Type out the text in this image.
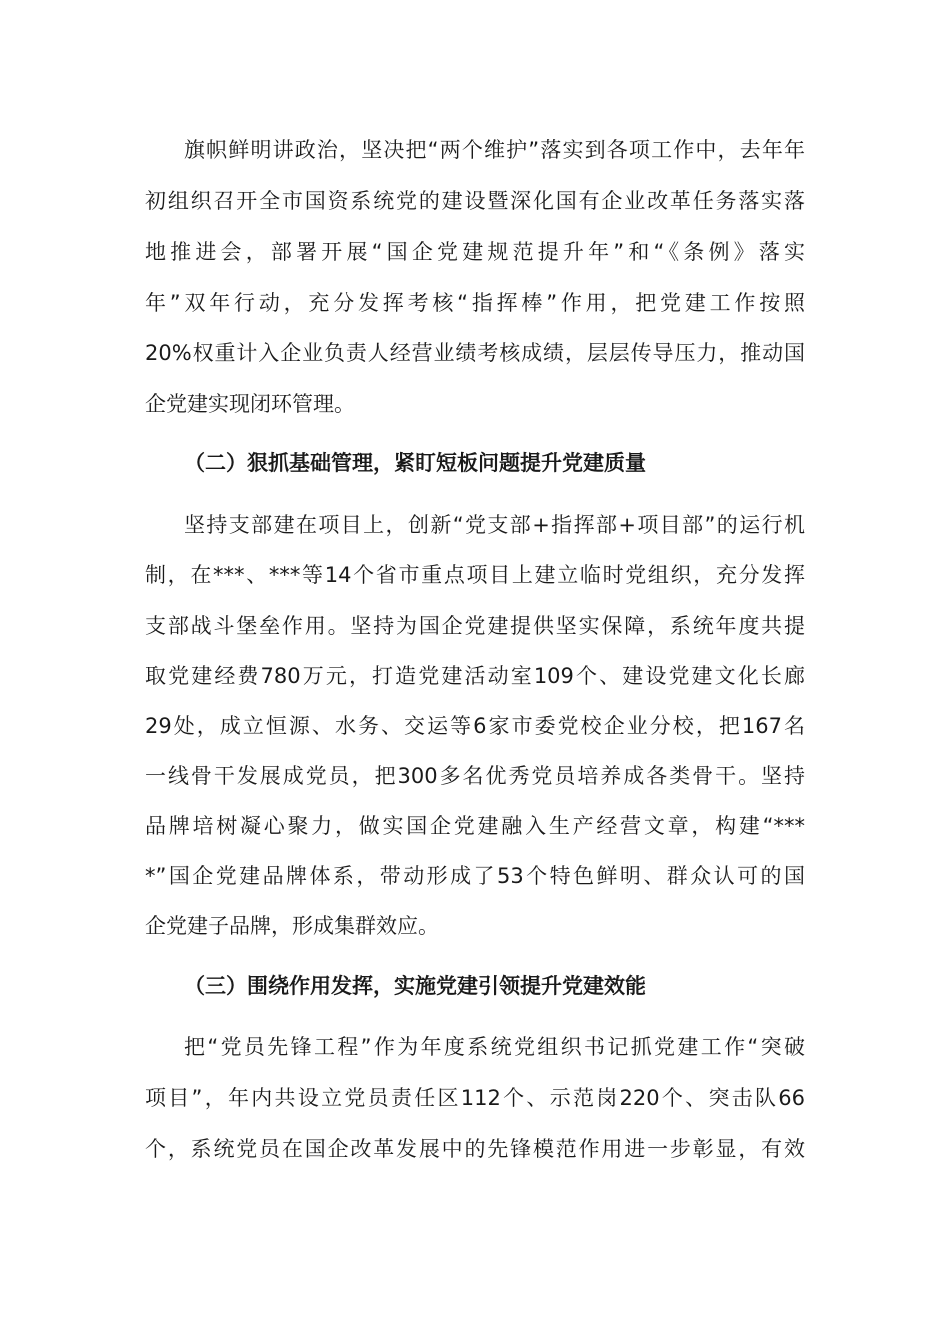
旗帜鲜明讲政治，坚决把“两个维护”落实到各项工作中，去年年
初组织召开全市国资系统党的建设暨深化国有企业改革任务落实落
地推进会，部署开展“国企党建规范提升年”和“《条例》落实
年”双年行动，充分发挥考核“指挥棒”作用，把党建工作按照
20%权重计入企业负责人经营业绩考核成绩，层层传导压力，推动国
企党建实现闭环管理。
（二）狠抓基础管理，紧盯短板问题提升党建质量
坚持支部建在项目上，创新“党支部+指挥部+项目部”的运行机
制，在***、***等14个省市重点项目上建立临时党组织，充分发挥
支部战斗堡垒作用。坚持为国企党建提供坚实保障，系统年度共提
取党建经费780万元，打造党建活动室109个、建设党建文化长廊
29处，成立恒源、水务、交运等6家市委党校企业分校，把167名
一线骨干发展成党员，把300多名优秀党员培养成各类骨干。坚持
品牌培树凝心聚力，做实国企党建融入生产经营文章，构建“***
*”国企党建品牌体系，带动形成了53个特色鲜明、群众认可的国
企党建子品牌，形成集群效应。
（三）围绕作用发挥，实施党建引领提升党建效能
把“党员先锋工程”作为年度系统党组织书记抓党建工作“突破
项目”，年内共设立党员责任区112个、示范岗220个、突击队66
个，系统党员在国企改革发展中的先锋模范作用进一步彰显，有效
